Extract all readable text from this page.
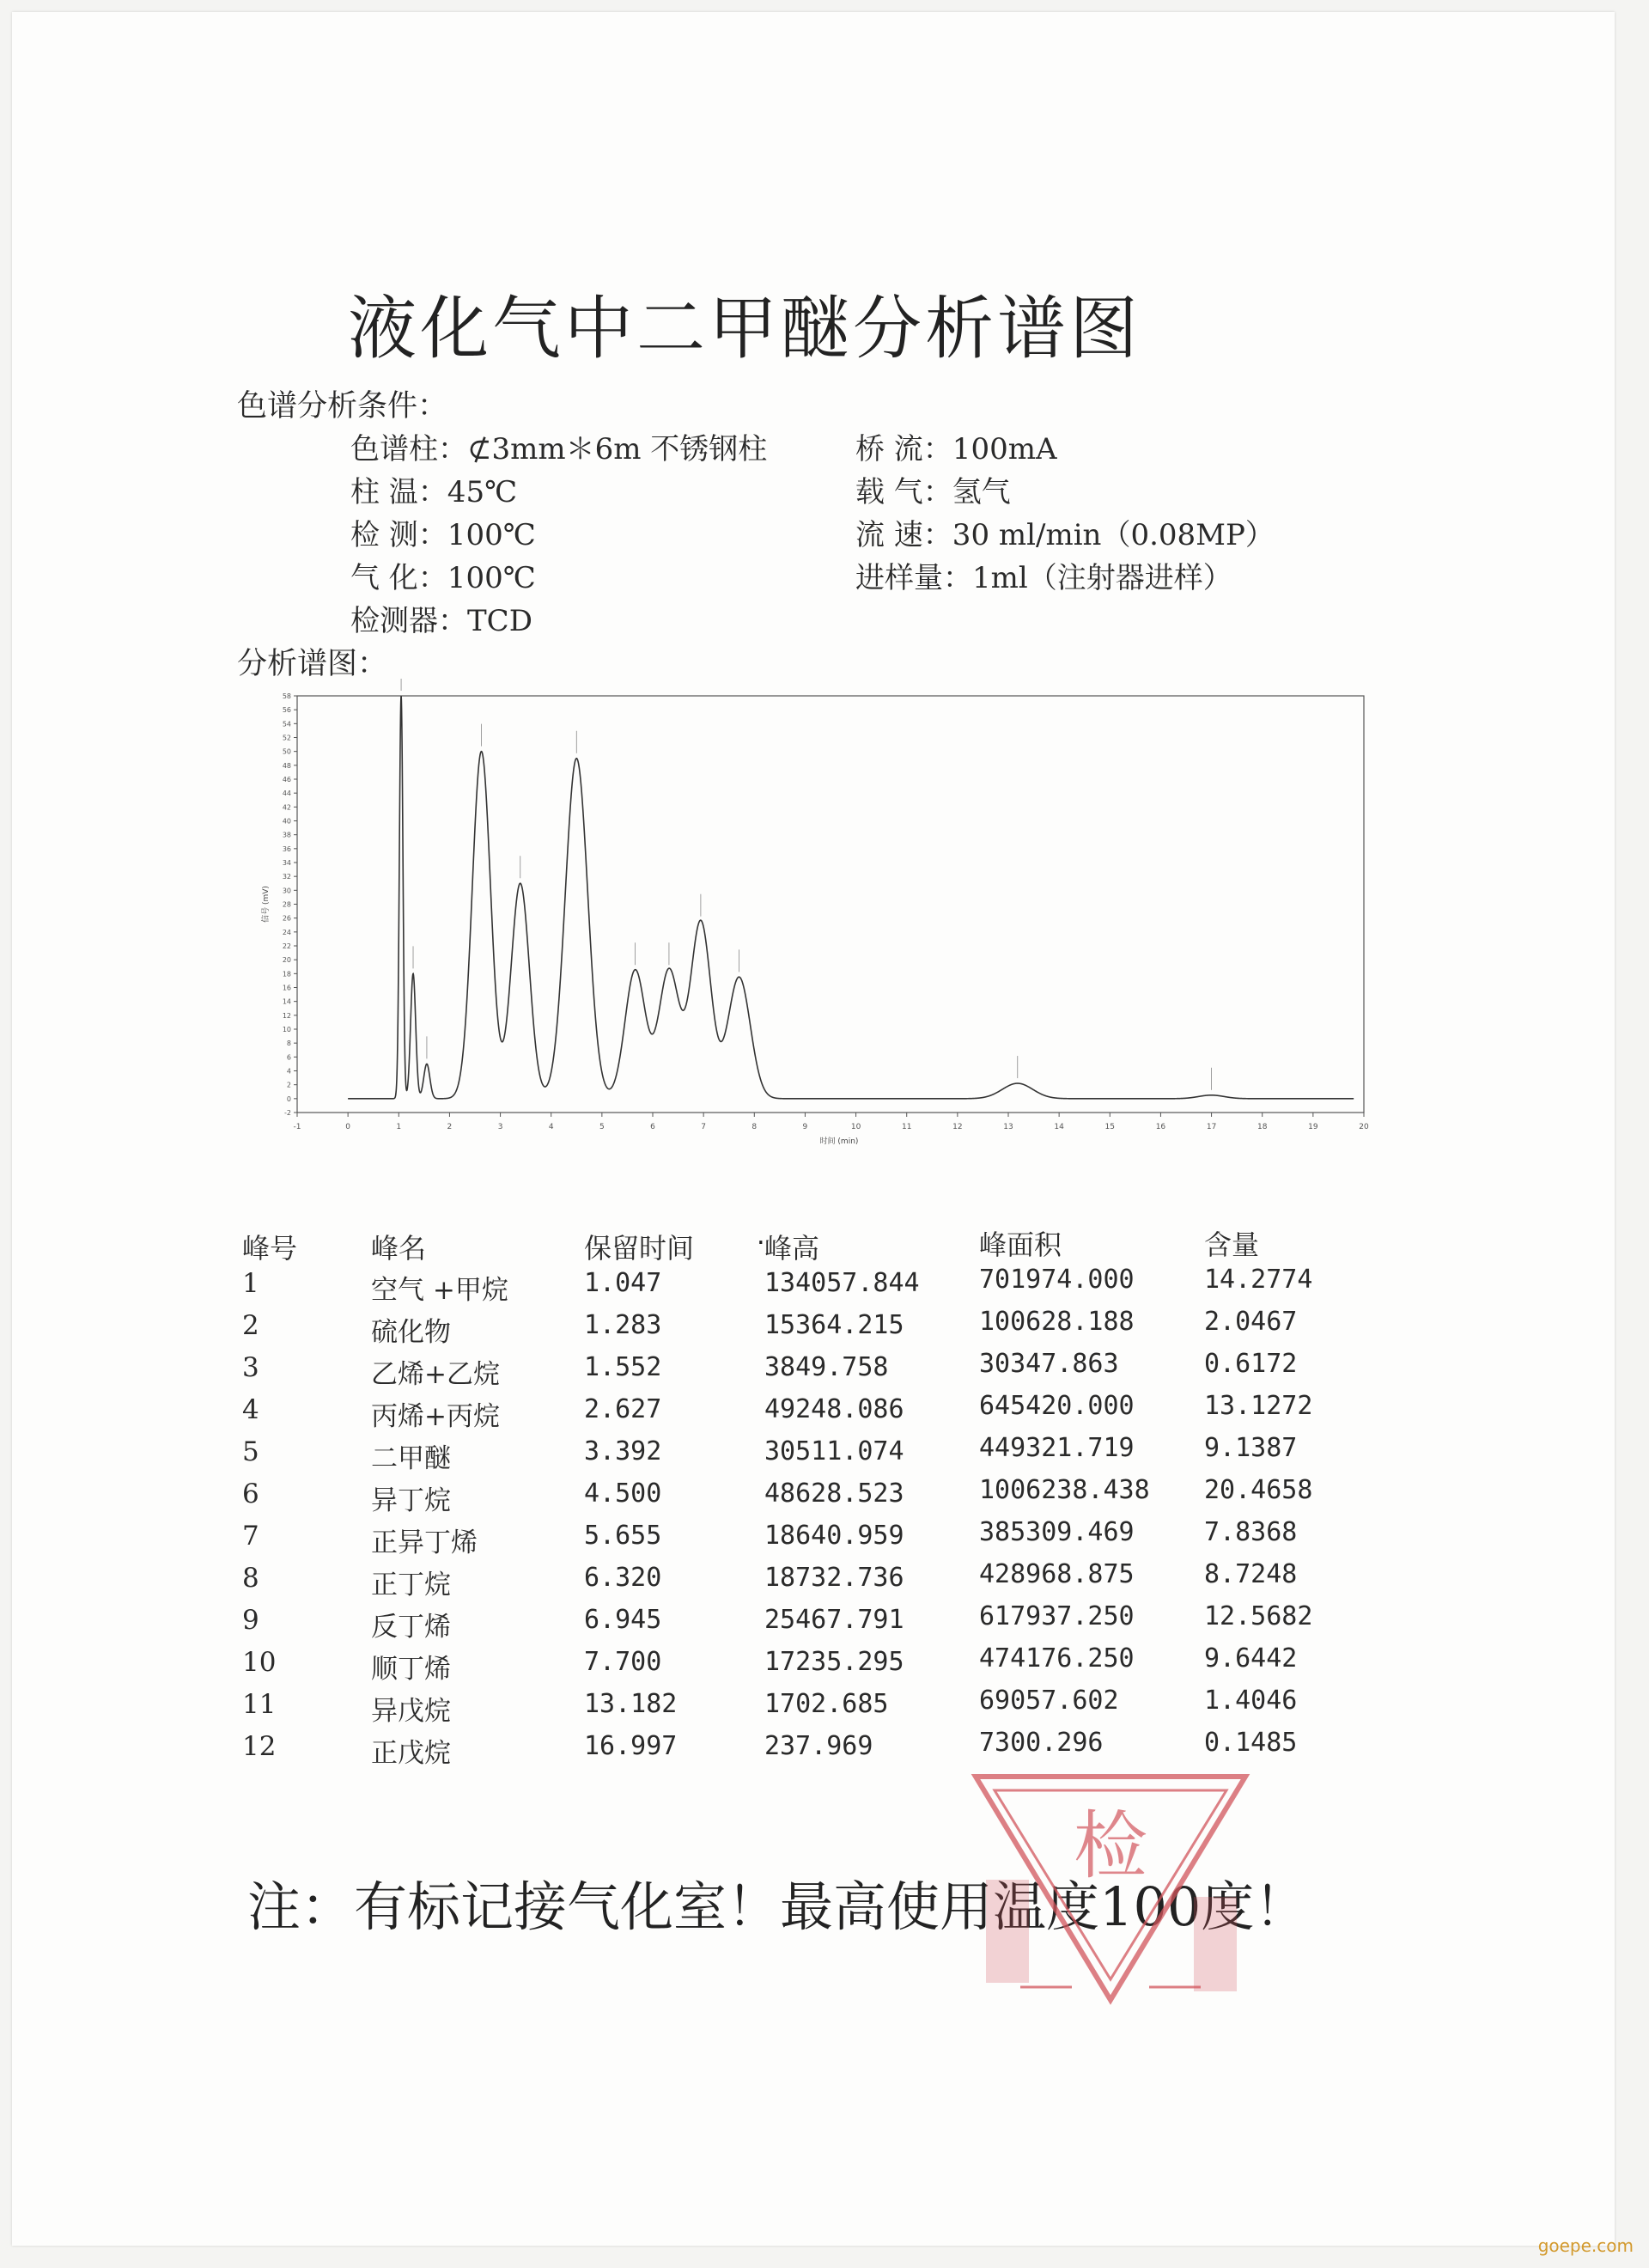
液化气中二甲醚分析谱图
色谱分析条件：
色谱柱：⊄3mm＊6m 不锈钢柱
柱 温：45℃
检 测：100℃
气 化：100℃
检测器：TCD
桥 流：100mA
载 气：氢气
流 速：30 ml/min（0.08MP）
进样量：1ml（注射器进样）
分析谱图：
-1	0	1	2	3	4	5	6	7	8	9	10	11	12	13	14	15	16	17	18	19	20
-2
0
2
4
6
8
10
12
14
16
18
20
22
24
26
28
30
32
34
36
38
40
42
44
46
48
50
52
54
56
58
时间 (min)
信号 (mV)
峰号	峰名	保留时间	峰高	峰面积	含量
·
1	空气 +甲烷	1.047	134057.844 701974.000	14.2774
2	硫化物	1.283	15364.215	100628.188	2.0467
3	乙烯+乙烷	1.552	3849.758	30347.863	0.6172
4	丙烯+丙烷	2.627	49248.086	645420.000	13.1272
5	二甲醚	3.392	30511.074	449321.719	9.1387
6	异丁烷	4.500	48628.523	1006238.438 20.4658
7	正异丁烯	5.655	18640.959	385309.469	7.8368
8	正丁烷	6.320	18732.736	428968.875	8.7248
9	反丁烯	6.945	25467.791	617937.250	12.5682
10	顺丁烯	7.700	17235.295	474176.250	9.6442
11	异戊烷	13.182	1702.685	69057.602	1.4046
12	正戊烷	16.997	237.969	7300.296	0.1485
注：有标记接气化室！最高使用温度100度！
检
goepe.com
